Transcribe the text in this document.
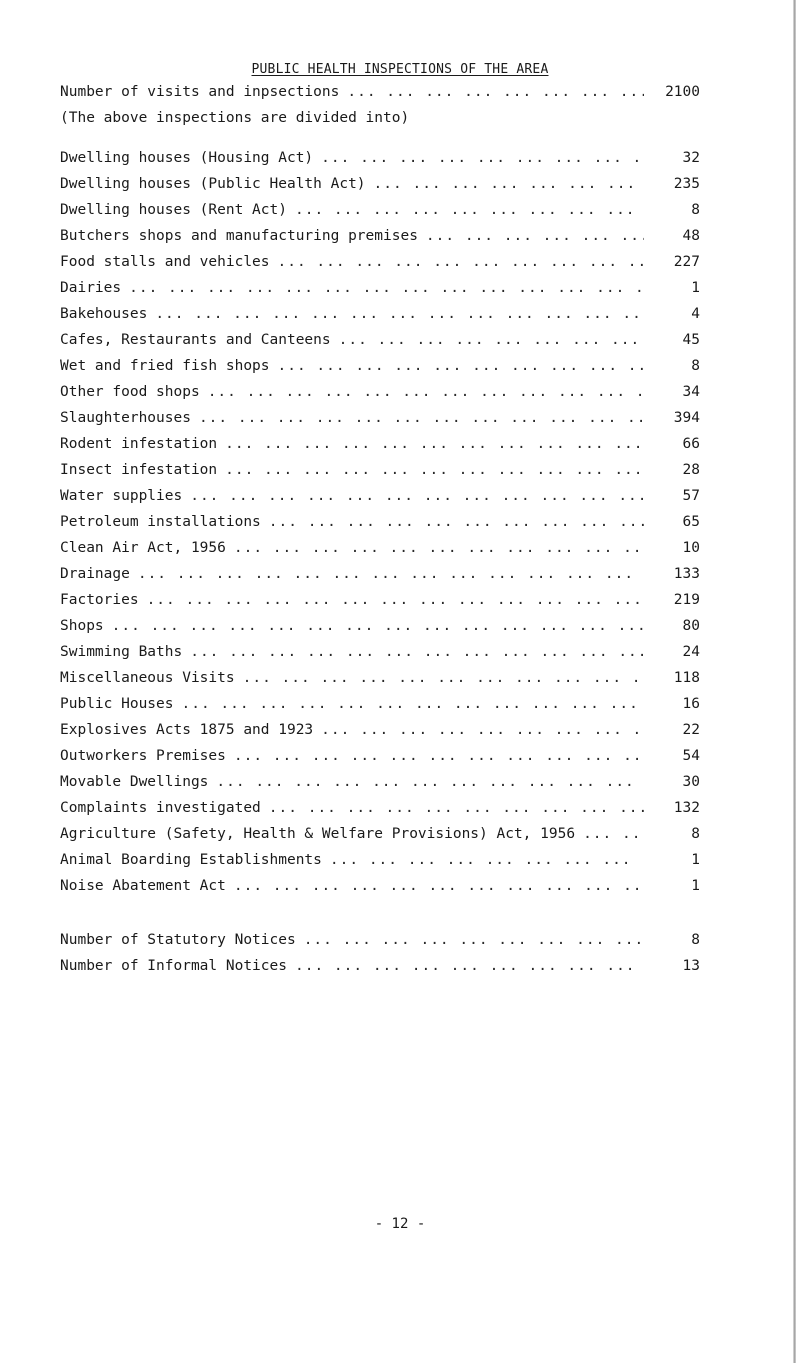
PUBLIC HEALTH INSPECTIONS OF THE AREA
Number of visits and inpsections ... .	2100
(The above inspections are divided into)
Dwelling houses (Housing Act) ... .	32
Dwelling houses (Public Health Act) ... .	235
Dwelling houses (Rent Act) ... .	8
Butchers shops and manufacturing premises ... .	48
Food stalls and vehicles ... .	227
Dairies ... .	1
Bakehouses ... .	4
Cafes, Restaurants and Canteens ... .	45
Wet and fried fish shops ... .	8
Other food shops ... .	34
Slaughterhouses ... .	394
Rodent infestation ... .	66
Insect infestation ... .	28
Water supplies ... .	57
Petroleum installations ... .	65
Clean Air Act, 1956 ... .	10
Drainage ... .	133
Factories ... .	219
Shops ... .	80
Swimming Baths ... .	24
Miscellaneous Visits ... .	118
Public Houses ... .	16
Explosives Acts 1875 and 1923 ... .	22
Outworkers Premises ... .	54
Movable Dwellings ... .	30
Complaints investigated ... .	132
Agriculture (Safety, Health & Welfare Provisions) Act, 1956 ... .	8
Animal Boarding Establishments ... .	1
Noise Abatement Act ... .	1
Number of Statutory Notices ... .	8
Number of Informal Notices ... .	13
- 12 -
